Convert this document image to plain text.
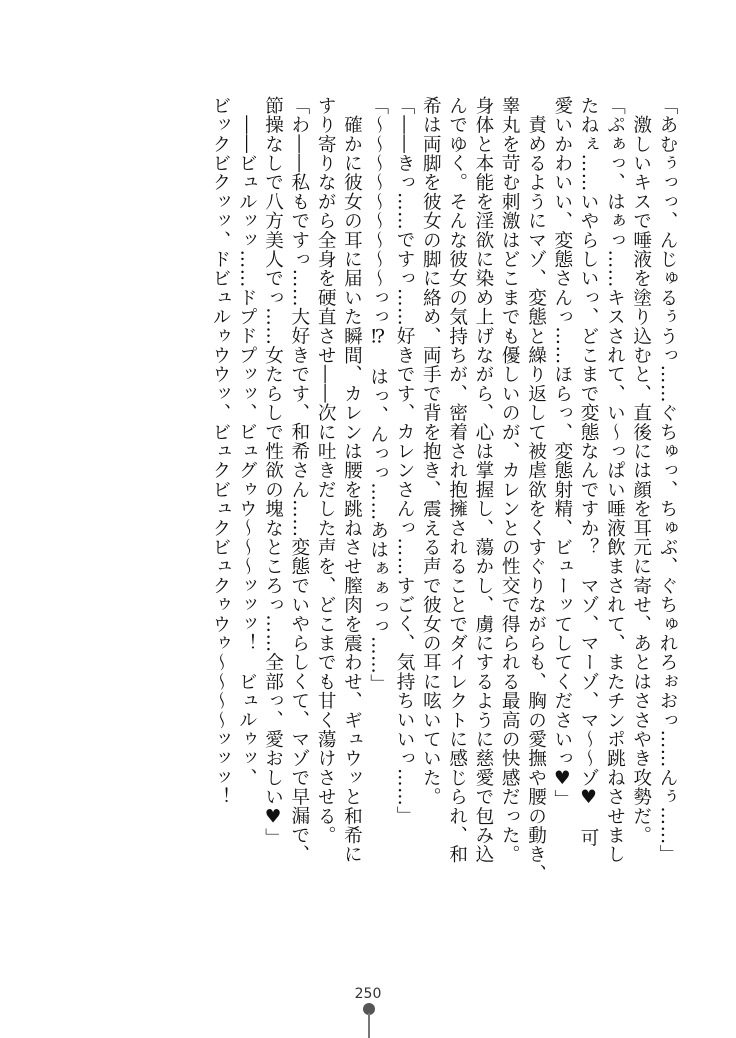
「あむぅっっ、んじゅるぅうっ……ぐちゅっ、ちゅぶ、ぐちゅれろぉおっ……んぅ……」

　激しいキスで唾液を塗り込むと、直後には顔を耳元に寄せ、あとはささやき攻勢だ。

「ぷぁっ、はぁっ……キスされて、い～っぱい唾液飲まされて、またチンポ跳ねさせまし

たねぇ……いやらしいっ、どこまで変態なんですか？　マゾ、マーゾ、マ～～ゾ♥　可

愛いかわいい、変態さんっ……ほらっ、変態射精、ビューッてしてくださいっ♥」

　責めるようにマゾ、変態と繰り返して被虐欲をくすぐりながらも、胸の愛撫や腰の動き、

睾丸を苛む刺激はどこまでも優しいのが、カレンとの性交で得られる最高の快感だった。

身体と本能を淫欲に染め上げながら、心は掌握し、蕩かし、虜にするように慈愛で包み込

んでゆく。そんな彼女の気持ちが、密着され抱擁されることでダイレクトに感じられ、和

希は両脚を彼女の脚に絡め、両手で背を抱き、震える声で彼女の耳に呟いていた。

「――きっ……ですっ……好きです、カレンさんっ……すごく、気持ちいいっ……」

「～～～～～～～～～っっ⁉　はっ、んっっ……あはぁぁっっ……」

　確かに彼女の耳に届いた瞬間、カレンは腰を跳ねさせ膣肉を震わせ、ギュウッと和希に

すり寄りながら全身を硬直させ――次に吐きだした声を、どこまでも甘く蕩けさせる。

「わ――私もですっ……大好きです、和希さん……変態でいやらしくて、マゾで早漏で、

節操なしで八方美人でっ……女たらしで性欲の塊なところっ……全部っ、愛おしい♥」

　――ビュルッッ……ドプドプッッ、ビュグゥウ～～～ッッッ！　ビュルゥッ、

ビックビクッッ、ドビュルゥウウッ、ビュクビュクビュクゥウゥ～～～～ッッッ！

250
